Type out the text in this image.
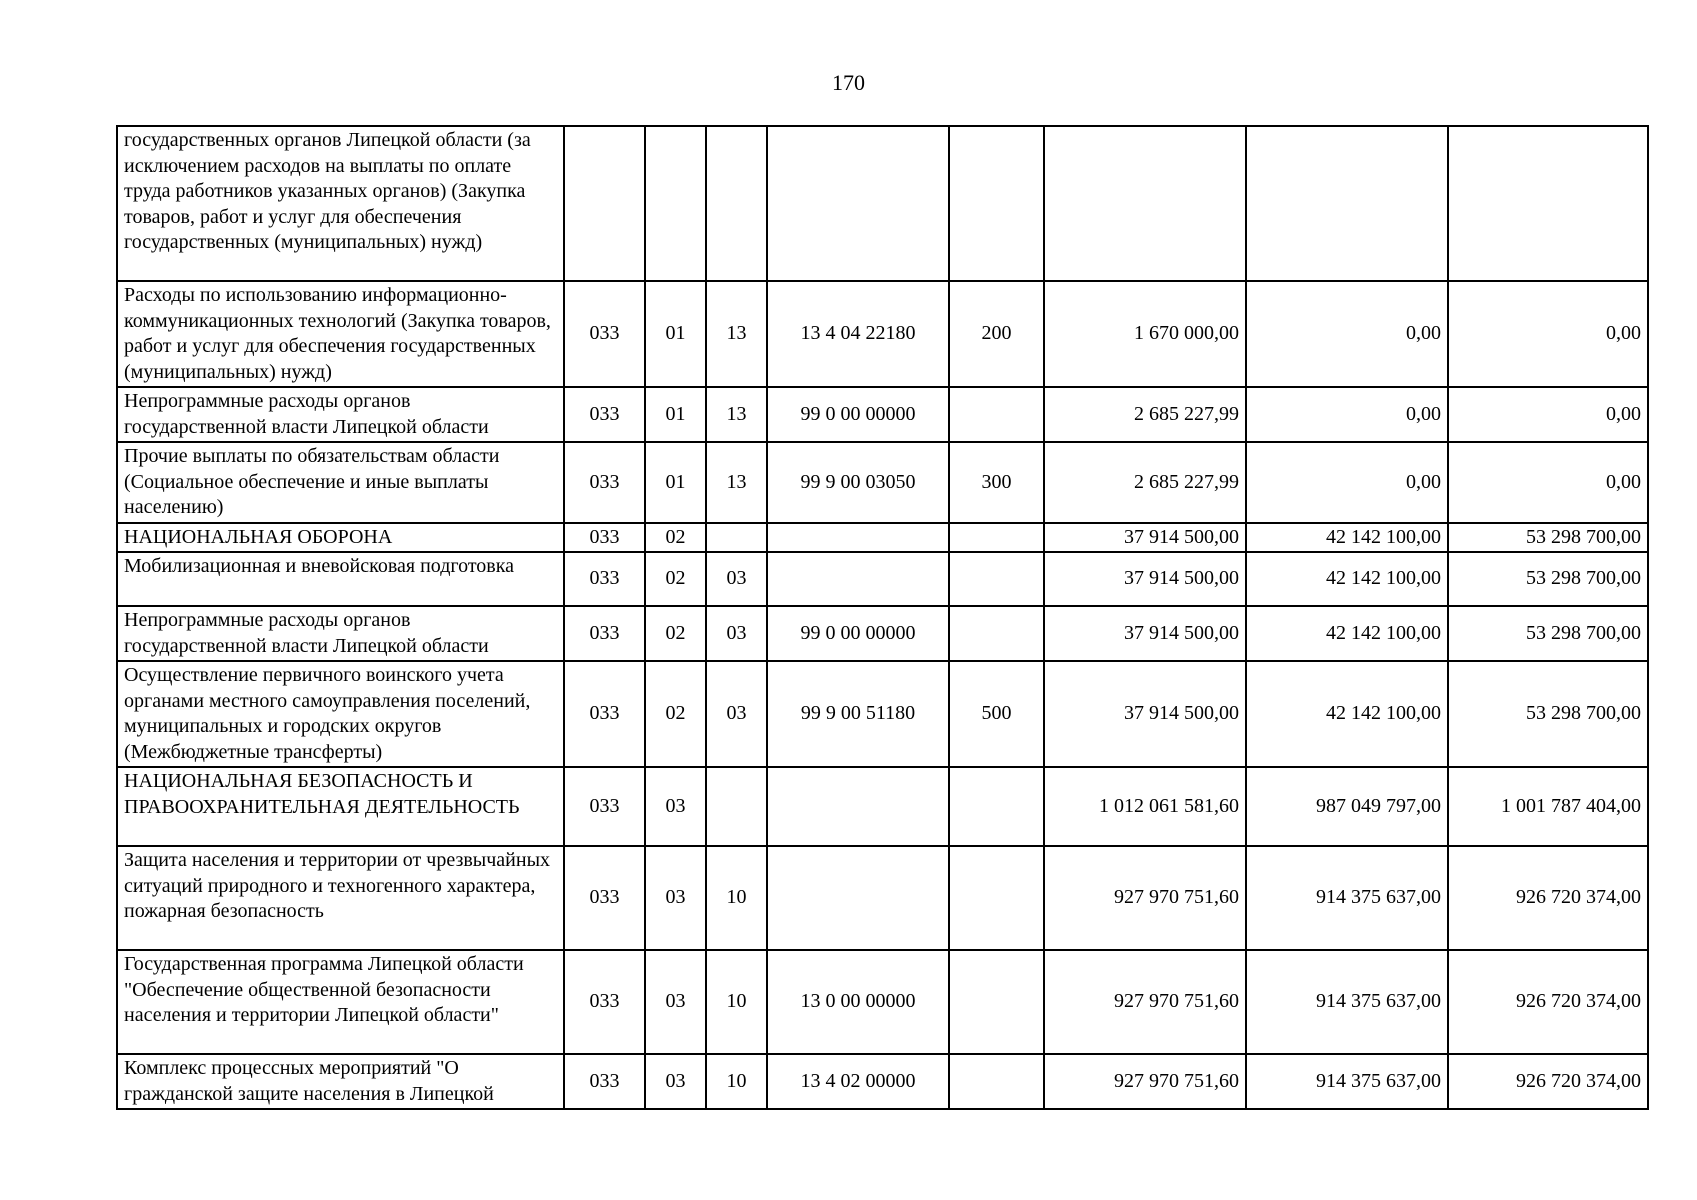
170
государственных органов Липецкой области (за исключением расходов на выплаты по оплате труда работников указанных органов) (Закупка товаров, работ и услуг для обеспечения государственных (муниципальных) нужд)								
Расходы по использованию информационно-коммуникационных технологий (Закупка товаров, работ и услуг для обеспечения государственных (муниципальных) нужд)	033	01	13	13 4 04 22180	200	1 670 000,00	0,00	0,00
Непрограммные расходы органов государственной власти Липецкой области	033	01	13	99 0 00 00000		2 685 227,99	0,00	0,00
Прочие выплаты по обязательствам области (Социальное обеспечение и иные выплаты населению)	033	01	13	99 9 00 03050	300	2 685 227,99	0,00	0,00
НАЦИОНАЛЬНАЯ ОБОРОНА	033	02				37 914 500,00	42 142 100,00	53 298 700,00
Мобилизационная и вневойсковая подготовка	033	02	03			37 914 500,00	42 142 100,00	53 298 700,00
Непрограммные расходы органов государственной власти Липецкой области	033	02	03	99 0 00 00000		37 914 500,00	42 142 100,00	53 298 700,00
Осуществление первичного воинского учета органами местного самоуправления поселений, муниципальных и городских округов (Межбюджетные трансферты)	033	02	03	99 9 00 51180	500	37 914 500,00	42 142 100,00	53 298 700,00
НАЦИОНАЛЬНАЯ БЕЗОПАСНОСТЬ И ПРАВООХРАНИТЕЛЬНАЯ ДЕЯТЕЛЬНОСТЬ	033	03				1 012 061 581,60	987 049 797,00	1 001 787 404,00
Защита населения и территории от чрезвычайных ситуаций природного и техногенного характера, пожарная безопасность	033	03	10			927 970 751,60	914 375 637,00	926 720 374,00
Государственная программа Липецкой области "Обеспечение общественной безопасности населения и территории Липецкой области"	033	03	10	13 0 00 00000		927 970 751,60	914 375 637,00	926 720 374,00
Комплекс процессных мероприятий "О гражданской защите населения в Липецкой	033	03	10	13 4 02 00000		927 970 751,60	914 375 637,00	926 720 374,00
